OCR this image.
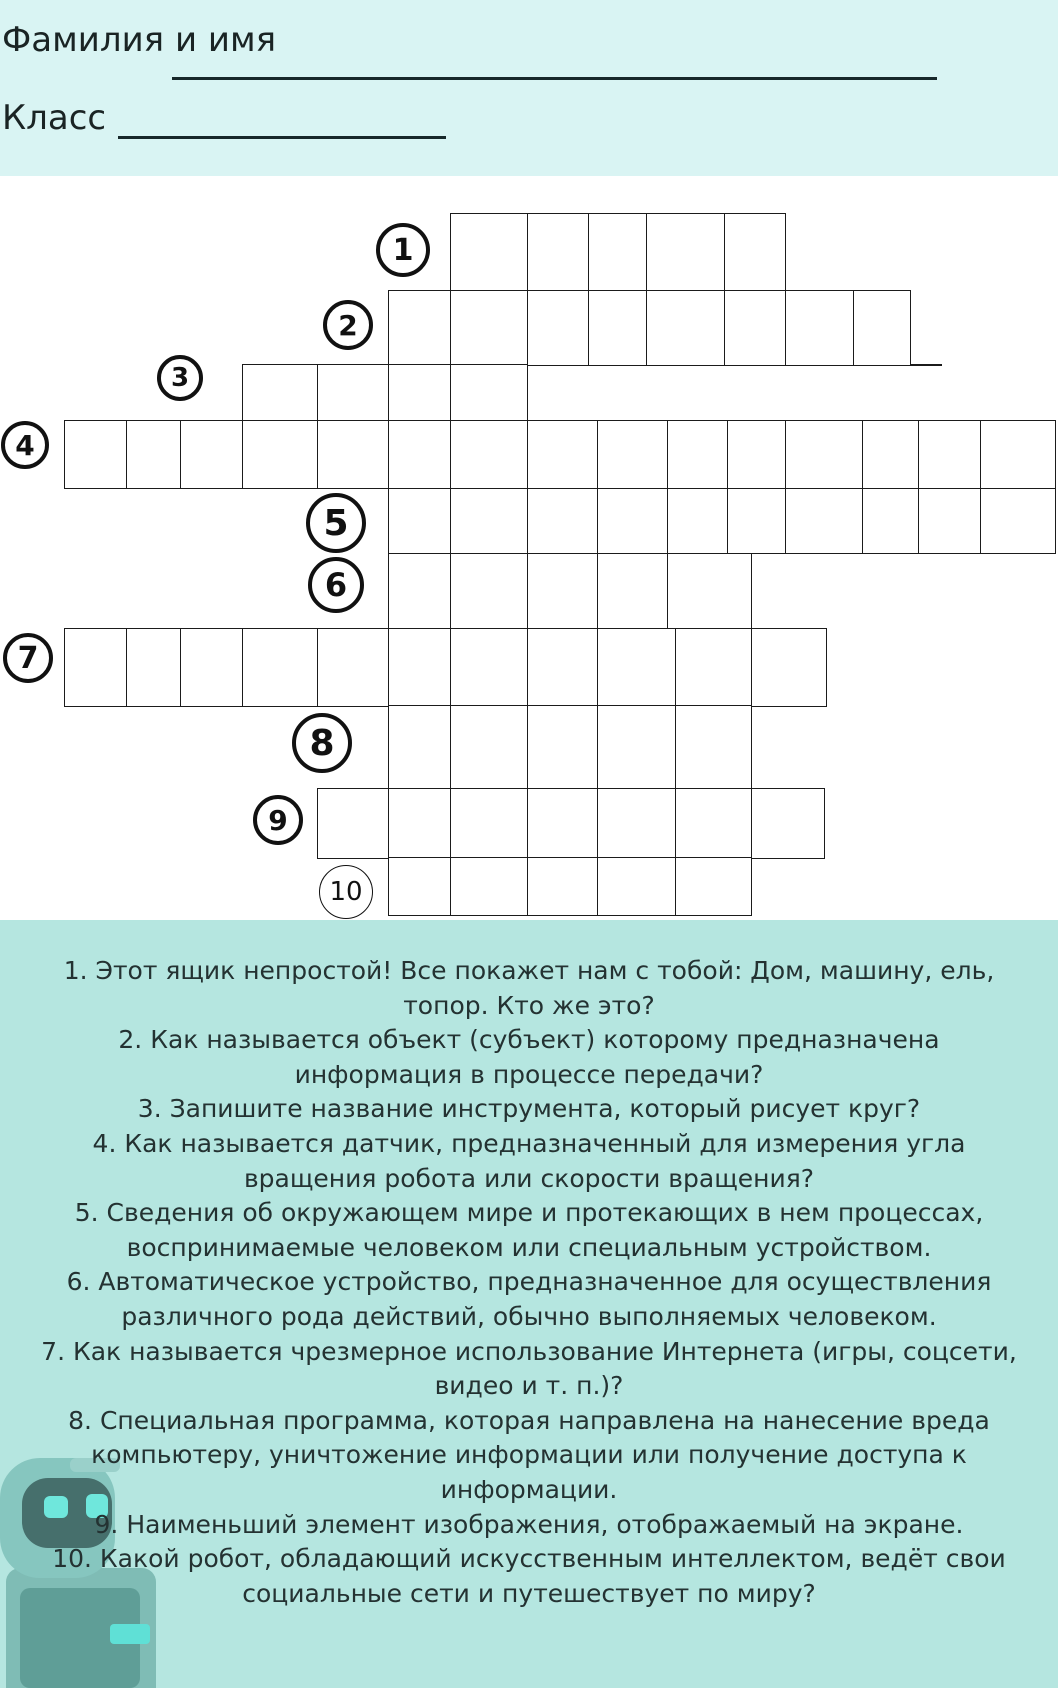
Фамилия и имя
Класс
1
2
3
4
5
6
7
8
9
10

1. Этот ящик непростой! Все покажет нам с тобой: Дом, машину, ель, топор. Кто же это?

2. Как называется объект (субъект) которому предназначена информация в процессе передачи?

3. Запишите название инструмента, который рисует круг?

4. Как называется датчик, предназначенный для измерения угла вращения робота или скорости вращения?

5. Сведения об окружающем мире и протекающих в нем процессах, воспринимаемые человеком или специальным устройством.

6. Автоматическое устройство, предназначенное для осуществления различного рода действий, обычно выполняемых человеком.

7. Как называется чрезмерное использование Интернета (игры, соцсети, видео и т. п.)?

8. Специальная программа, которая направлена на нанесение вреда компьютеру, уничтожение информации или получение доступа к информации.

9. Наименьший элемент изображения, отображаемый на экране.

10. Какой робот, обладающий искусственным интеллектом, ведёт свои социальные сети и путешествует по миру?
